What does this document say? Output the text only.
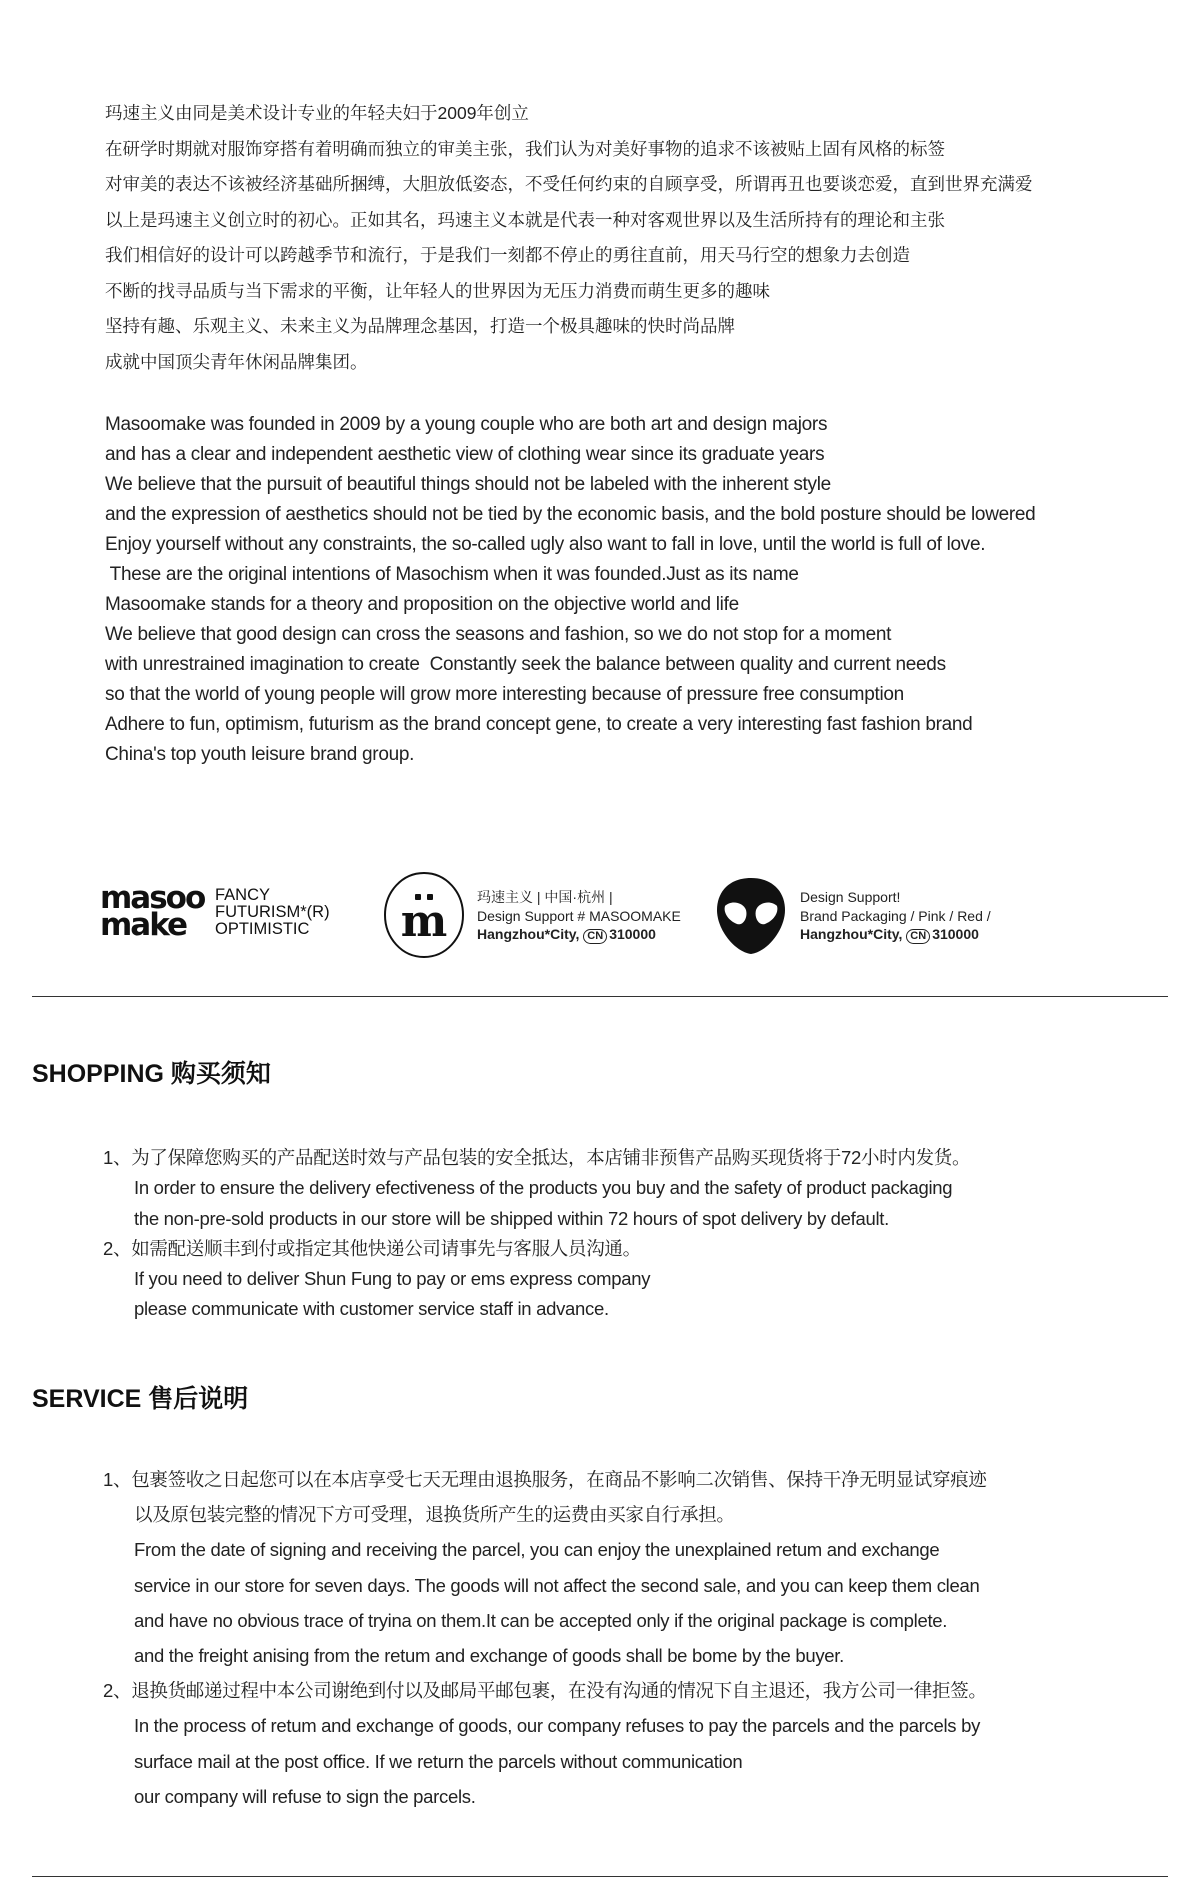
玛速主义由同是美术设计专业的年轻夫妇于2009年创立
在研学时期就对服饰穿搭有着明确而独立的审美主张，我们认为对美好事物的追求不该被贴上固有风格的标签
对审美的表达不该被经济基础所捆缚，大胆放低姿态，不受任何约束的自顾享受，所谓再丑也要谈恋爱，直到世界充满爱
以上是玛速主义创立时的初心。正如其名，玛速主义本就是代表一种对客观世界以及生活所持有的理论和主张
我们相信好的设计可以跨越季节和流行，于是我们一刻都不停止的勇往直前，用天马行空的想象力去创造
不断的找寻品质与当下需求的平衡，让年轻人的世界因为无压力消费而萌生更多的趣味
坚持有趣、乐观主义、未来主义为品牌理念基因，打造一个极具趣味的快时尚品牌
成就中国顶尖青年休闲品牌集团。
Masoomake was founded in 2009 by a young couple who are both art and design majors
and has a clear and independent aesthetic view of clothing wear since its graduate years
We believe that the pursuit of beautiful things should not be labeled with the inherent style
and the expression of aesthetics should not be tied by the economic basis, and the bold posture should be lowered
Enjoy yourself without any constraints, the so-called ugly also want to fall in love, until the world is full of love.
These are the original intentions of Masochism when it was founded.Just as its name
Masoomake stands for a theory and proposition on the objective world and life
We believe that good design can cross the seasons and fashion, so we do not stop for a moment
with unrestrained imagination to create  Constantly seek the balance between quality and current needs
so that the world of young people will grow more interesting because of pressure free consumption
Adhere to fun, optimism, futurism as the brand concept gene, to create a very interesting fast fashion brand
China's top youth leisure brand group.
masoo
make
FANCY
FUTURISM*(R)
OPTIMISTIC	m 玛速主义 | 中国·杭州 |
Design Support # MASOOMAKE
Hangzhou*City, CN 310000
Design Support!
Brand Packaging / Pink / Red /
Hangzhou*City, CN 310000
SHOPPING 购买须知
1、为了保障您购买的产品配送时效与产品包装的安全抵达，本店铺非预售产品购买现货将于72小时内发货。
In order to ensure the delivery efectiveness of the products you buy and the safety of product packaging
the non-pre-sold products in our store will be shipped within 72 hours of spot delivery by default.
2、如需配送顺丰到付或指定其他快递公司请事先与客服人员沟通。
If you need to deliver Shun Fung to pay or ems express company
please communicate with customer service staff in advance.
SERVICE 售后说明
1、包裹签收之日起您可以在本店享受七天无理由退换服务，在商品不影响二次销售、保持干净无明显试穿痕迹
以及原包装完整的情况下方可受理，退换货所产生的运费由买家自行承担。
From the date of signing and receiving the parcel, you can enjoy the unexplained retum and exchange
service in our store for seven days. The goods will not affect the second sale, and you can keep them clean
and have no obvious trace of tryina on them.It can be accepted only if the original package is complete.
and the freight anising from the retum and exchange of goods shall be bome by the buyer.
2、退换货邮递过程中本公司谢绝到付以及邮局平邮包裹，在没有沟通的情况下自主退还，我方公司一律拒签。
In the process of retum and exchange of goods, our company refuses to pay the parcels and the parcels by
surface mail at the post office. If we return the parcels without communication
our company will refuse to sign the parcels.
